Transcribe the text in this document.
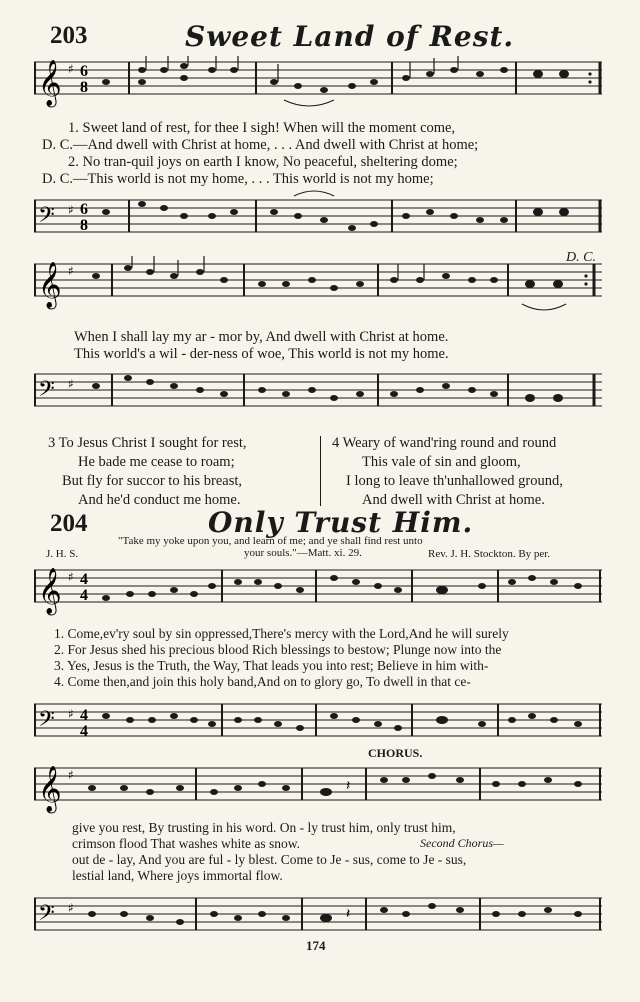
203	Sweet Land of Rest.
𝄞 ♯ 6
8
1. Sweet land of rest, for thee I sigh! When will the moment come,
D. C.—And dwell with Christ at home, . . . And dwell with Christ at home;
2. No tran-quil joys on earth I know, No peaceful, sheltering dome;
D. C.—This world is not my home, . . . This world is not my home;
𝄢 ♯ 6
8
𝄞 ♯
D. C.
When I shall lay my ar - mor by, And dwell with Christ at home.
This world's a wil - der-ness of woe, This world is not my home.
𝄢 ♯
3 To Jesus Christ I sought for rest,
He bade me cease to roam;
But fly for succor to his breast,
And he'd conduct me home.
4 Weary of wand'ring round and round
This vale of sin and gloom,
I long to leave th'unhallowed ground,
And dwell with Christ at home.
204	Only Trust Him.
"Take my yoke upon you, and learn of me; and ye shall find rest unto
your souls."—Matt. xi. 29.
J. H. S.	Rev. J. H. Stockton. By per.
𝄞 ♯ 4
4
1. Come,ev'ry soul by sin oppressed,There's mercy with the Lord,And he will surely
2. For Jesus shed his precious blood Rich blessings to bestow; Plunge now into the
3. Yes, Jesus is the Truth, the Way, That leads you into rest; Believe in him with-
4. Come then,and join this holy band,And on to glory go, To dwell in that ce-
𝄢 ♯ 4
4
CHORUS.
𝄞 ♯
𝄽
give you rest, By trusting in his word. On - ly trust him, only trust him,
crimson flood That washes white as snow.	Second Chorus—
out de - lay, And you are ful - ly blest. Come to Je - sus, come to Je - sus,
lestial land, Where joys immortal flow.
𝄢 ♯	𝄽
174
